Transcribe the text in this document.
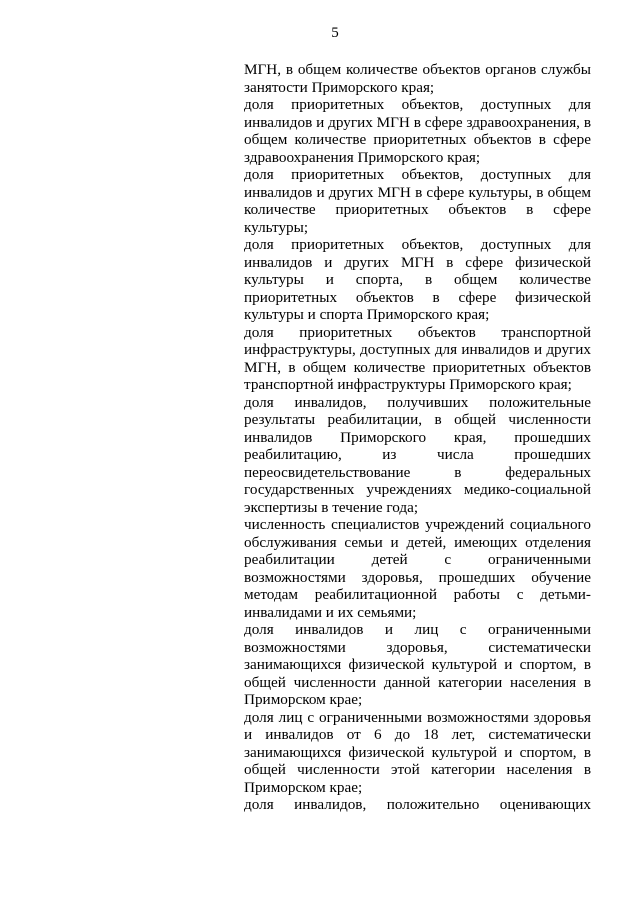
5

МГН, в общем количестве объектов органов службы занятости Приморского края;

доля приоритетных объектов, доступных для инвалидов и других МГН в сфере здравоохранения, в общем количестве приоритетных объектов в сфере здравоохранения Приморского края;

доля приоритетных объектов, доступных для инвалидов и других МГН в сфере культуры, в общем количестве приоритетных объектов в сфере культуры;

доля приоритетных объектов, доступных для инвалидов и других МГН в сфере физической культуры и спорта, в общем количестве приоритетных объектов в сфере физической культуры и спорта Приморского края;

доля приоритетных объектов транспортной инфраструктуры, доступных для инвалидов и других МГН, в общем количестве приоритетных объектов транспортной инфраструктуры Приморского края;

доля инвалидов, получивших положительные результаты реабилитации, в общей численности инвалидов Приморского края, прошедших реабилитацию, из числа прошедших переосвидетельствование в федеральных государственных учреждениях медико-социальной экспертизы в течение года;

численность специалистов учреждений социального обслуживания семьи и детей, имеющих отделения реабилитации детей с ограниченными возможностями здоровья, прошедших обучение методам реабилитационной работы с детьми-инвалидами и их семьями;

доля инвалидов и лиц с ограниченными возможностями здоровья, систематически занимающихся физической культурой и спортом, в общей численности данной категории населения в Приморском крае;

доля лиц с ограниченными возможностями здоровья и инвалидов от 6 до 18 лет, систематически занимающихся физической культурой и спортом, в общей численности этой категории населения в Приморском крае;

доля инвалидов, положительно оценивающих
